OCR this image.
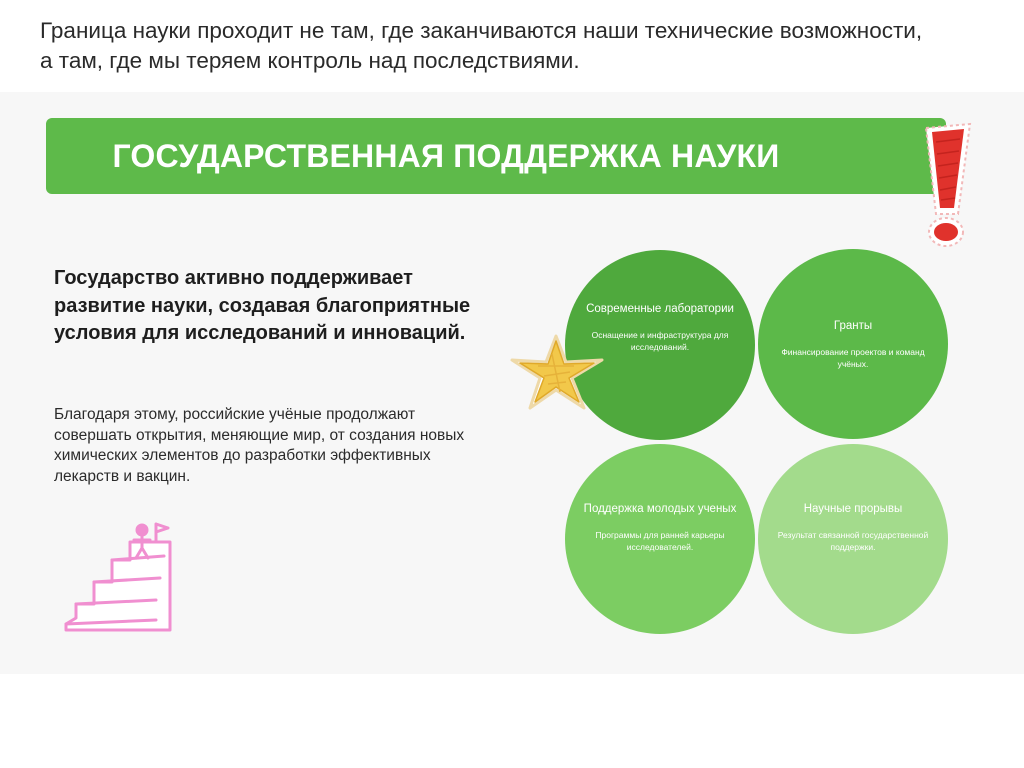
Граница науки проходит не там, где заканчиваются наши технические возможности, а там, где мы теряем контроль над последствиями.
ГОСУДАРСТВЕННАЯ ПОДДЕРЖКА НАУКИ
Государство активно поддерживает развитие науки, создавая благоприятные условия для исследований и инноваций.
Благодаря этому, российские учёные продолжают совершать открытия, меняющие мир, от создания новых химических элементов до разработки эффективных лекарств и вакцин.
Современные лаборатории
Оснащение и инфраструктура для исследований.
Гранты
Финансирование проектов и команд учёных.
Поддержка молодых ученых
Программы для ранней карьеры исследователей.
Научные прорывы
Результат связанной государственной поддержки.
